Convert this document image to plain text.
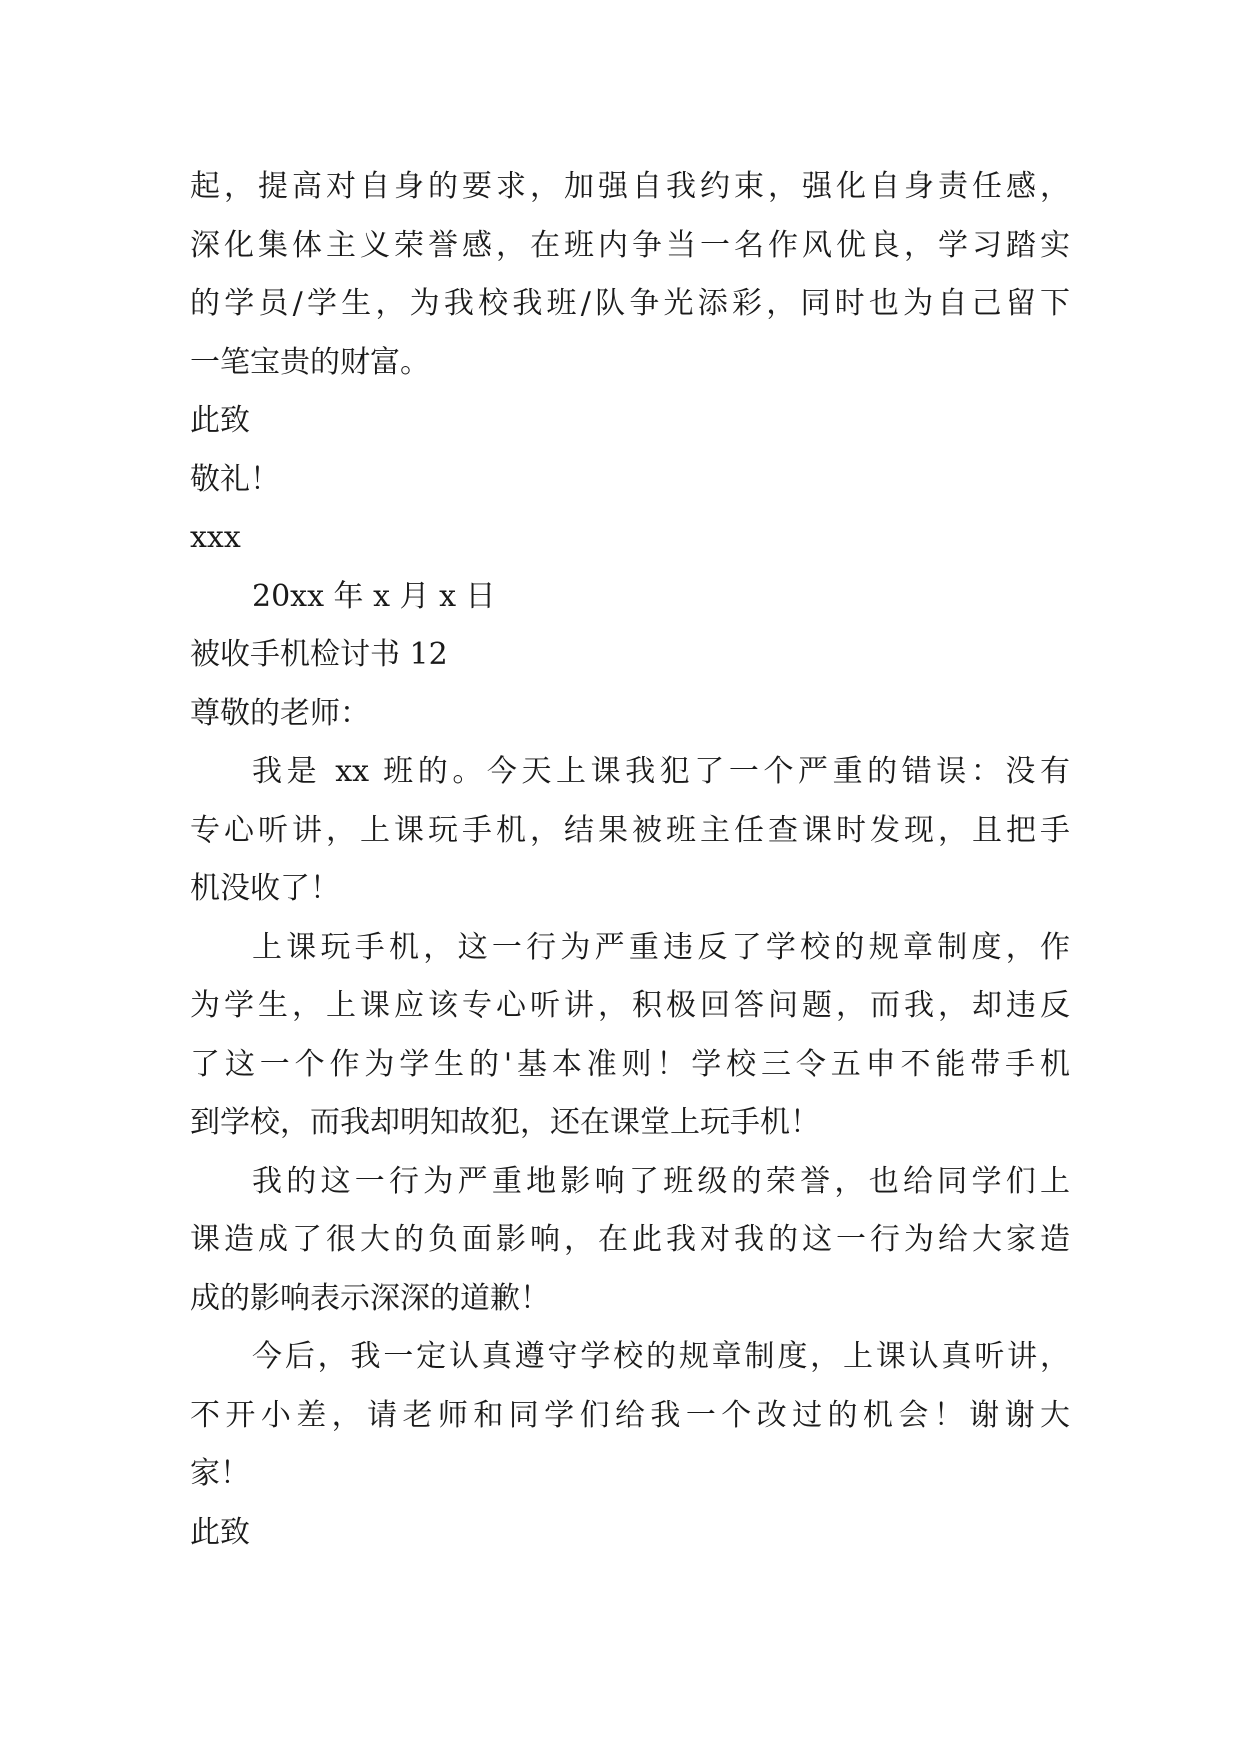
起，提高对自身的要求，加强自我约束，强化自身责任感，
深化集体主义荣誉感，在班内争当一名作风优良，学习踏实
的学员/学生，为我校我班/队争光添彩，同时也为自己留下
一笔宝贵的财富。
此致
敬礼！
xxx
20xx 年 x 月 x 日
被收手机检讨书 12
尊敬的老师：
我是 xx 班的。今天上课我犯了一个严重的错误：没有
专心听讲，上课玩手机，结果被班主任查课时发现，且把手
机没收了！
上课玩手机，这一行为严重违反了学校的规章制度，作
为学生，上课应该专心听讲，积极回答问题，而我，却违反
了这一个作为学生的'基本准则！学校三令五申不能带手机
到学校，而我却明知故犯，还在课堂上玩手机！
我的这一行为严重地影响了班级的荣誉，也给同学们上
课造成了很大的负面影响，在此我对我的这一行为给大家造
成的影响表示深深的道歉！
今后，我一定认真遵守学校的规章制度，上课认真听讲，
不开小差，请老师和同学们给我一个改过的机会！谢谢大
家！
此致
